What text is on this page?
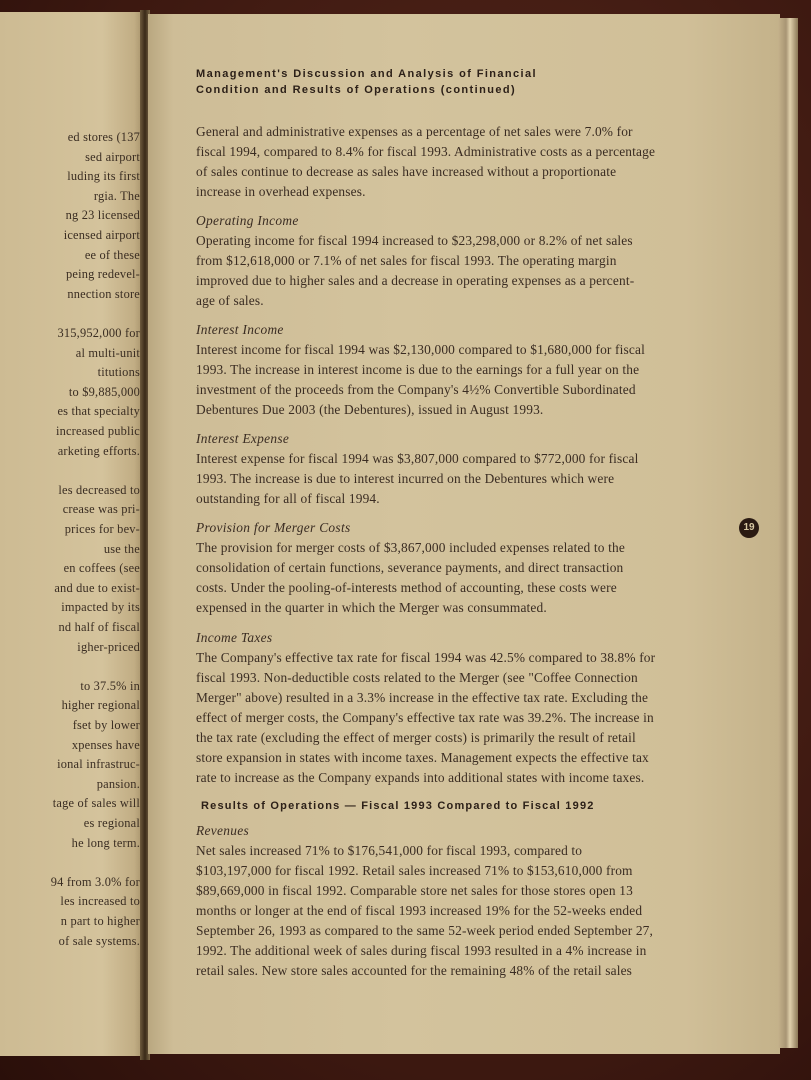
ed stores (137
sed airport
luding its first
rgia. The
ng 23 licensed
icensed airport
ee of these
peing redevel-
nnection store
315,952,000 for
al multi-unit
titutions
to $9,885,000
es that specialty
increased public
arketing efforts.
les decreased to
crease was pri-
prices for bev-
use the
en coffees (see
and due to exist-
impacted by its
nd half of fiscal
igher-priced
to 37.5% in
higher regional
fset by lower
xpenses have
ional infrastruc-
pansion.
tage of sales will
es regional
he long term.
94 from 3.0% for
les increased to
n part to higher
of sale systems.
Management's Discussion and Analysis of Financial
Condition and Results of Operations (continued)
General and administrative expenses as a percentage of net sales were 7.0% for
fiscal 1994, compared to 8.4% for fiscal 1993. Administrative costs as a percentage
of sales continue to decrease as sales have increased without a proportionate
increase in overhead expenses.
Operating Income
Operating income for fiscal 1994 increased to $23,298,000 or 8.2% of net sales
from $12,618,000 or 7.1% of net sales for fiscal 1993. The operating margin
improved due to higher sales and a decrease in operating expenses as a percent-
age of sales.
Interest Income
Interest income for fiscal 1994 was $2,130,000 compared to $1,680,000 for fiscal
1993. The increase in interest income is due to the earnings for a full year on the
investment of the proceeds from the Company's 4½% Convertible Subordinated
Debentures Due 2003 (the Debentures), issued in August 1993.
Interest Expense
Interest expense for fiscal 1994 was $3,807,000 compared to $772,000 for fiscal
1993. The increase is due to interest incurred on the Debentures which were
outstanding for all of fiscal 1994.
Provision for Merger Costs
The provision for merger costs of $3,867,000 included expenses related to the
consolidation of certain functions, severance payments, and direct transaction
costs. Under the pooling-of-interests method of accounting, these costs were
expensed in the quarter in which the Merger was consummated.
19
Income Taxes
The Company's effective tax rate for fiscal 1994 was 42.5% compared to 38.8% for
fiscal 1993. Non-deductible costs related to the Merger (see "Coffee Connection
Merger" above) resulted in a 3.3% increase in the effective tax rate. Excluding the
effect of merger costs, the Company's effective tax rate was 39.2%. The increase in
the tax rate (excluding the effect of merger costs) is primarily the result of retail
store expansion in states with income taxes. Management expects the effective tax
rate to increase as the Company expands into additional states with income taxes.
Results of Operations — Fiscal 1993 Compared to Fiscal 1992
Revenues
Net sales increased 71% to $176,541,000 for fiscal 1993, compared to
$103,197,000 for fiscal 1992. Retail sales increased 71% to $153,610,000 from
$89,669,000 in fiscal 1992. Comparable store net sales for those stores open 13
months or longer at the end of fiscal 1993 increased 19% for the 52-weeks ended
September 26, 1993 as compared to the same 52-week period ended September 27,
1992. The additional week of sales during fiscal 1993 resulted in a 4% increase in
retail sales. New store sales accounted for the remaining 48% of the retail sales
